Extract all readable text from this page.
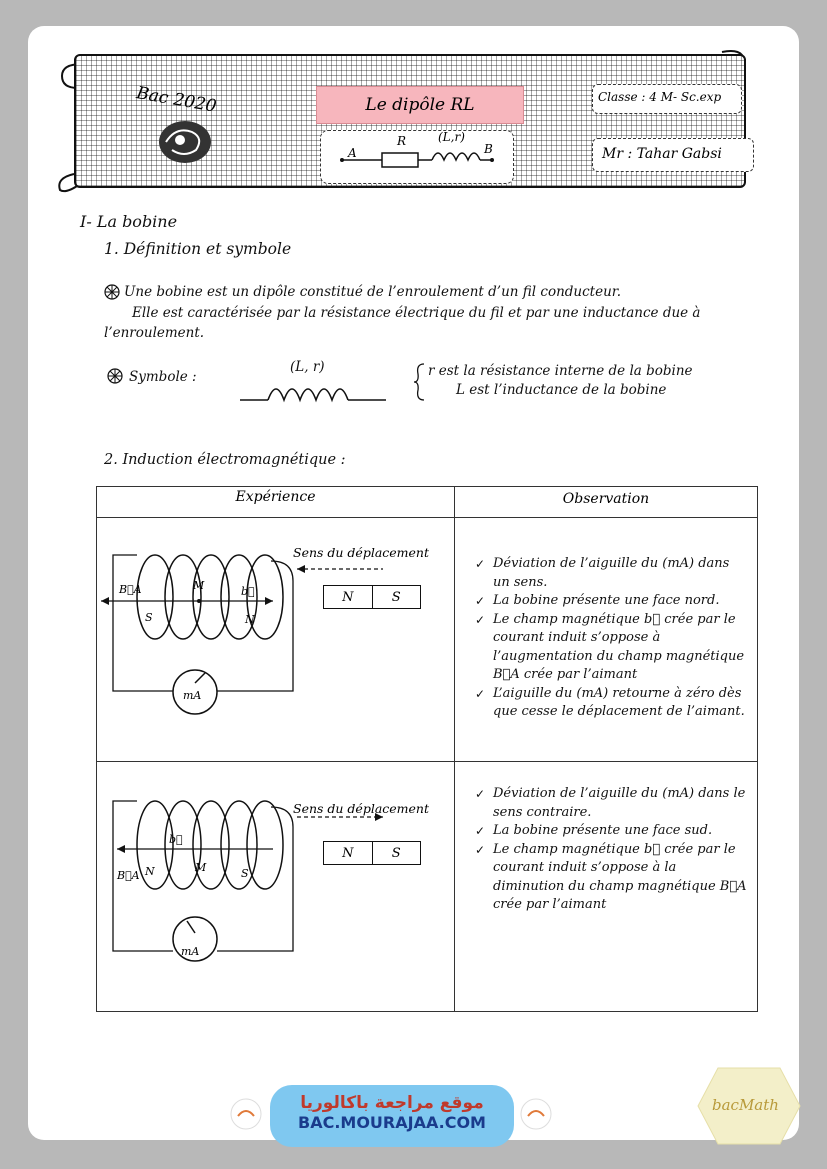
Bac 2020	Le dipôle RL
A
R	(L,r)
B
Classe : 4 M- Sc.exp
Mr : Tahar Gabsi
I- La bobine
1. Définition et symbole
Une bobine est un dipôle constitué de l’enroulement d’un fil conducteur.
Elle est caractérisée par la résistance électrique du fil et par une inductance due à
l’enroulement.
Symbole :
(L, r)	r est la résistance interne de la bobine
L est l’inductance de la bobine
2. Induction électromagnétique :
Expérience	Observation
B⃗A	b⃗
S
M
N
mA
Sens du déplacement
N	S
✓ Déviation de l’aiguille du (mA) dans un sens.
✓ La bobine présente une face nord.
✓ Le champ magnétique b⃗ crée par le courant induit s’oppose à l’augmentation du champ magnétique B⃗A crée par l’aimant
✓ L’aiguille du (mA) retourne à zéro dès que cesse le déplacement de l’aimant.
B⃗A
b⃗
N	M	S
mA
Sens du déplacement
N	S
✓ Déviation de l’aiguille du (mA) dans le sens contraire.
✓ La bobine présente une face sud.
✓ Le champ magnétique b⃗ crée par le courant induit s’oppose à la diminution du champ magnétique B⃗A crée par l’aimant
موقع مراجعة باكالوريا
BAC.MOURAJAA.COM
bacMath
